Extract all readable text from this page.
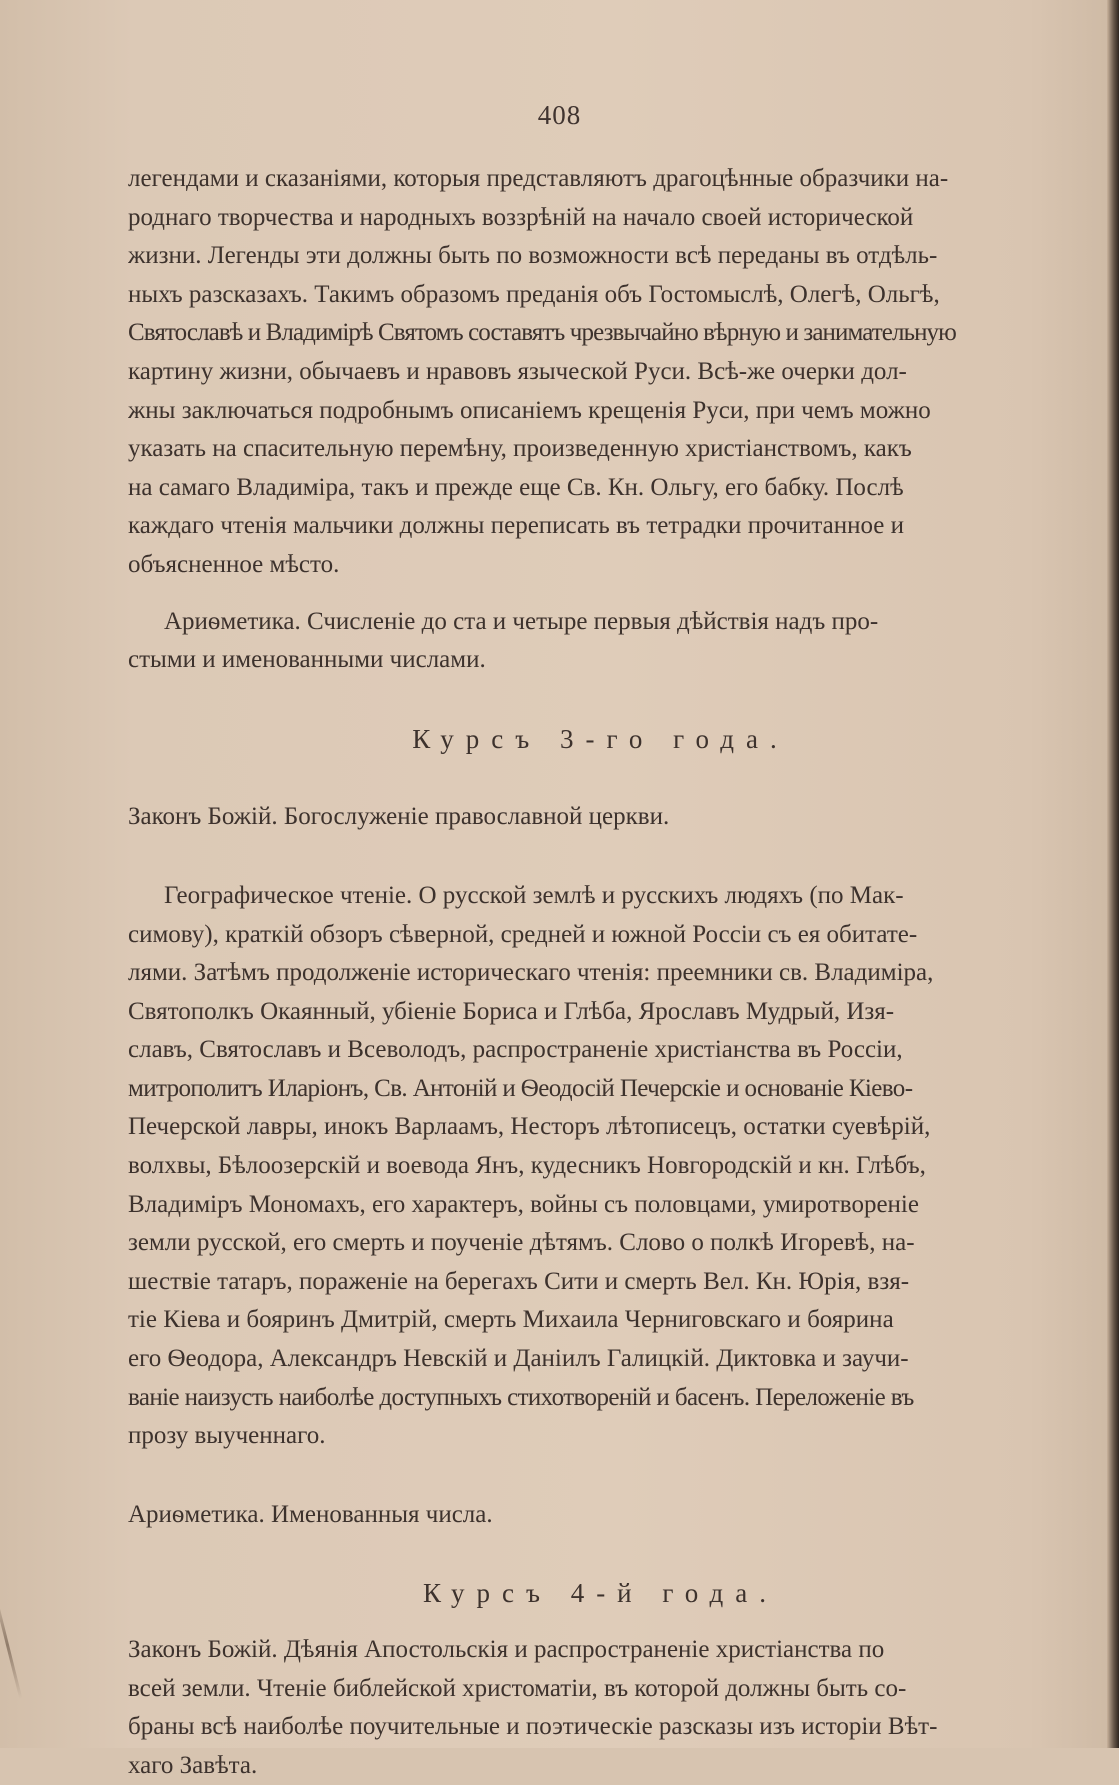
408

легендами и сказаніями, которыя представляютъ драгоцѣнные образчики на-
роднаго творчества и народныхъ воззрѣній на начало своей исторической
жизни. Легенды эти должны быть по возможности всѣ переданы въ отдѣль-
ныхъ разсказахъ. Такимъ образомъ преданія объ Гостомыслѣ, Олегѣ, Ольгѣ,
Святославѣ и Владимірѣ Святомъ составятъ чрезвычайно вѣрную и занимательную
картину жизни, обычаевъ и нравовъ языческой Руси. Всѣ-же очерки дол-
жны заключаться подробнымъ описаніемъ крещенія Руси, при чемъ можно
указать на спасительную перемѣну, произведенную христіанствомъ, какъ
на самаго Владиміра, такъ и прежде еще Св. Кн. Ольгу, его бабку. Послѣ
каждаго чтенія мальчики должны переписать въ тетрадки прочитанное и
объясненное мѣсто.

Ариѳметика. Счисленіе до ста и четыре первыя дѣйствія надъ про-
стыми и именованными числами.

Курсъ 3-го года.

Законъ Божій. Богослуженіе православной церкви.

Географическое чтеніе. О русской землѣ и русскихъ людяхъ (по Мак-
симову), краткій обзоръ сѣверной, средней и южной Россіи съ ея обитате-
лями. Затѣмъ продолженіе историческаго чтенія: преемники св. Владиміра,
Святополкъ Окаянный, убіеніе Бориса и Глѣба, Ярославъ Мудрый, Изя-
славъ, Святославъ и Всеволодъ, распространеніе христіанства въ Россіи,
митрополитъ Иларіонъ, Св. Антоній и Ѳеодосій Печерскіе и основаніе Кіево-
Печерской лавры, инокъ Варлаамъ, Несторъ лѣтописецъ, остатки суевѣрій,
волхвы, Бѣлоозерскій и воевода Янъ, кудесникъ Новгородскій и кн. Глѣбъ,
Владиміръ Мономахъ, его характеръ, войны съ половцами, умиротвореніе
земли русской, его смерть и поученіе дѣтямъ. Слово о полкѣ Игоревѣ, на-
шествіе татаръ, пораженіе на берегахъ Сити и смерть Вел. Кн. Юрія, взя-
тіе Кіева и бояринъ Дмитрій, смерть Михаила Черниговскаго и боярина
его Ѳеодора, Александръ Невскій и Даніилъ Галицкій. Диктовка и заучи-
ваніе наизусть наиболѣе доступныхъ стихотвореній и басенъ. Переложеніе въ
прозу выученнаго.

Ариѳметика. Именованныя числа.

Курсъ 4-й года.

Законъ Божій. Дѣянія Апостольскія и распространеніе христіанства по
всей земли. Чтеніе библейской христоматіи, въ которой должны быть со-
браны всѣ наиболѣе поучительные и поэтическіе разсказы изъ исторіи Вѣт-
хаго Завѣта.
